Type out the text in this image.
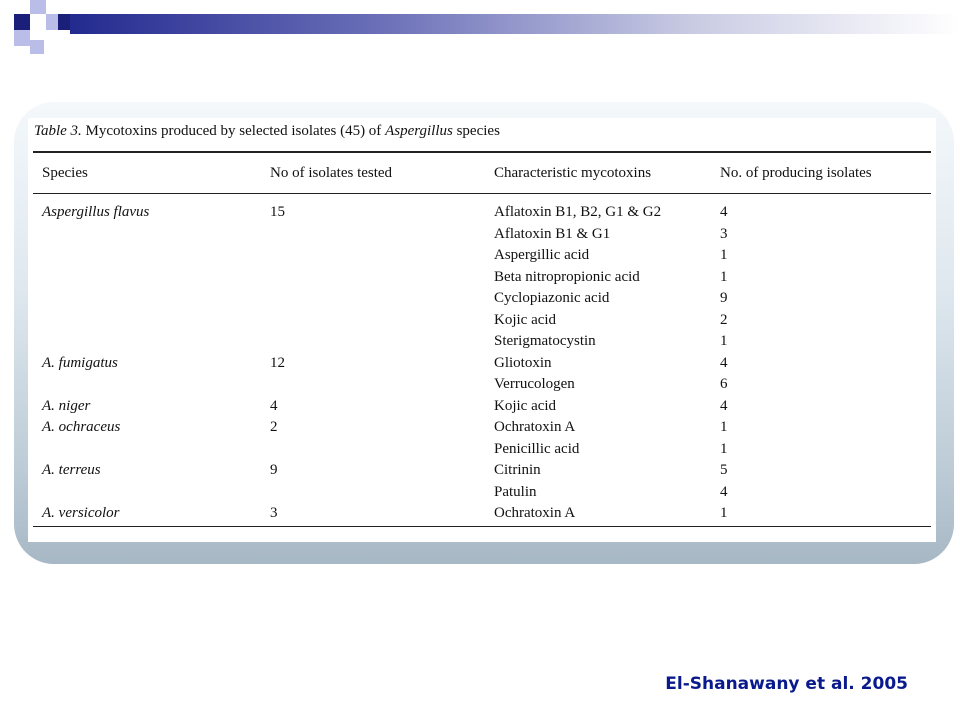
Table 3. Mycotoxins produced by selected isolates (45) of Aspergillus species
Species	No of isolates tested	Characteristic mycotoxins	No. of producing isolates
Aspergillus flavus	15	Aflatoxin B1, B2, G1 & G2	4
Aflatoxin B1 & G1	3
Aspergillic acid	1
Beta nitropropionic acid	1
Cyclopiazonic acid	9
Kojic acid	2
Sterigmatocystin	1
A. fumigatus	12	Gliotoxin	4
Verrucologen	6
A. niger	4	Kojic acid	4
A. ochraceus	2	Ochratoxin A	1
Penicillic acid	1
A. terreus	9	Citrinin	5
Patulin	4
A. versicolor	3	Ochratoxin A	1
El-Shanawany et al. 2005
